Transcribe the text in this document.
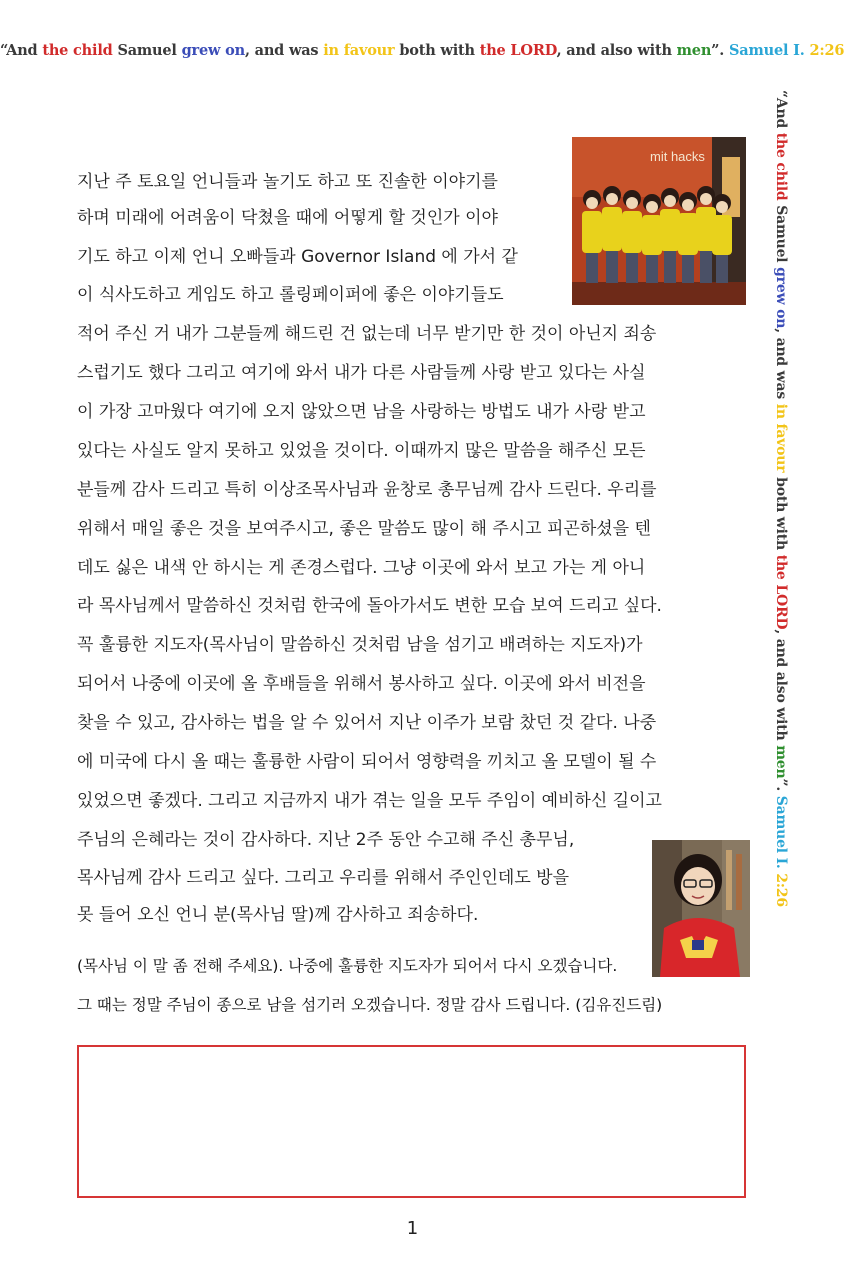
“And the child Samuel grew on, and was in favour both with the LORD, and also with men”. Samuel I. 2:26
“And the child Samuel grew on, and was in favour both with the LORD, and also with men”. Samuel I. 2:26
mit hacks
지난 주 토요일 언니들과 놀기도 하고 또 진솔한 이야기를
하며 미래에 어려움이 닥쳤을 때에 어떻게 할 것인가 이야
기도 하고 이제 언니 오빠들과 Governor Island 에 가서 같
이 식사도하고 게임도 하고 롤링페이퍼에 좋은 이야기들도
적어 주신 거 내가 그분들께 해드린 건 없는데 너무 받기만 한 것이 아닌지 죄송
스럽기도 했다 그리고 여기에 와서 내가 다른 사람들께 사랑 받고 있다는 사실
이 가장 고마웠다 여기에 오지 않았으면 남을 사랑하는 방법도 내가 사랑 받고
있다는 사실도 알지 못하고 있었을 것이다. 이때까지 많은 말씀을 해주신 모든
분들께 감사 드리고 특히 이상조목사님과 윤창로 총무님께 감사 드린다. 우리를
위해서 매일 좋은 것을 보여주시고, 좋은 말씀도 많이 해 주시고 피곤하셨을 텐
데도 싫은 내색 안 하시는 게 존경스럽다. 그냥 이곳에 와서 보고 가는 게 아니
라 목사님께서 말씀하신 것처럼 한국에 돌아가서도 변한 모습 보여 드리고 싶다.
꼭 훌륭한 지도자(목사님이 말씀하신 것처럼 남을 섬기고 배려하는 지도자)가
되어서 나중에 이곳에 올 후배들을 위해서 봉사하고 싶다. 이곳에 와서 비전을
찾을 수 있고, 감사하는 법을 알 수 있어서 지난 이주가 보람 찼던 것 같다. 나중
에 미국에 다시 올 때는 훌륭한 사람이 되어서 영향력을 끼치고 올 모델이 될 수
있었으면 좋겠다. 그리고 지금까지 내가 겪는 일을 모두 주임이 예비하신 길이고
주님의 은혜라는 것이 감사하다. 지난 2주 동안 수고해 주신 총무님,
목사님께 감사 드리고 싶다. 그리고 우리를 위해서 주인인데도 방을
못 들어 오신 언니 분(목사님 딸)께 감사하고 죄송하다.
(목사님 이 말 좀 전해 주세요). 나중에 훌륭한 지도자가 되어서 다시 오겠습니다.
그 때는 정말 주님이 종으로 남을 섬기러 오겠습니다. 정말 감사 드립니다. (김유진드림)
1
